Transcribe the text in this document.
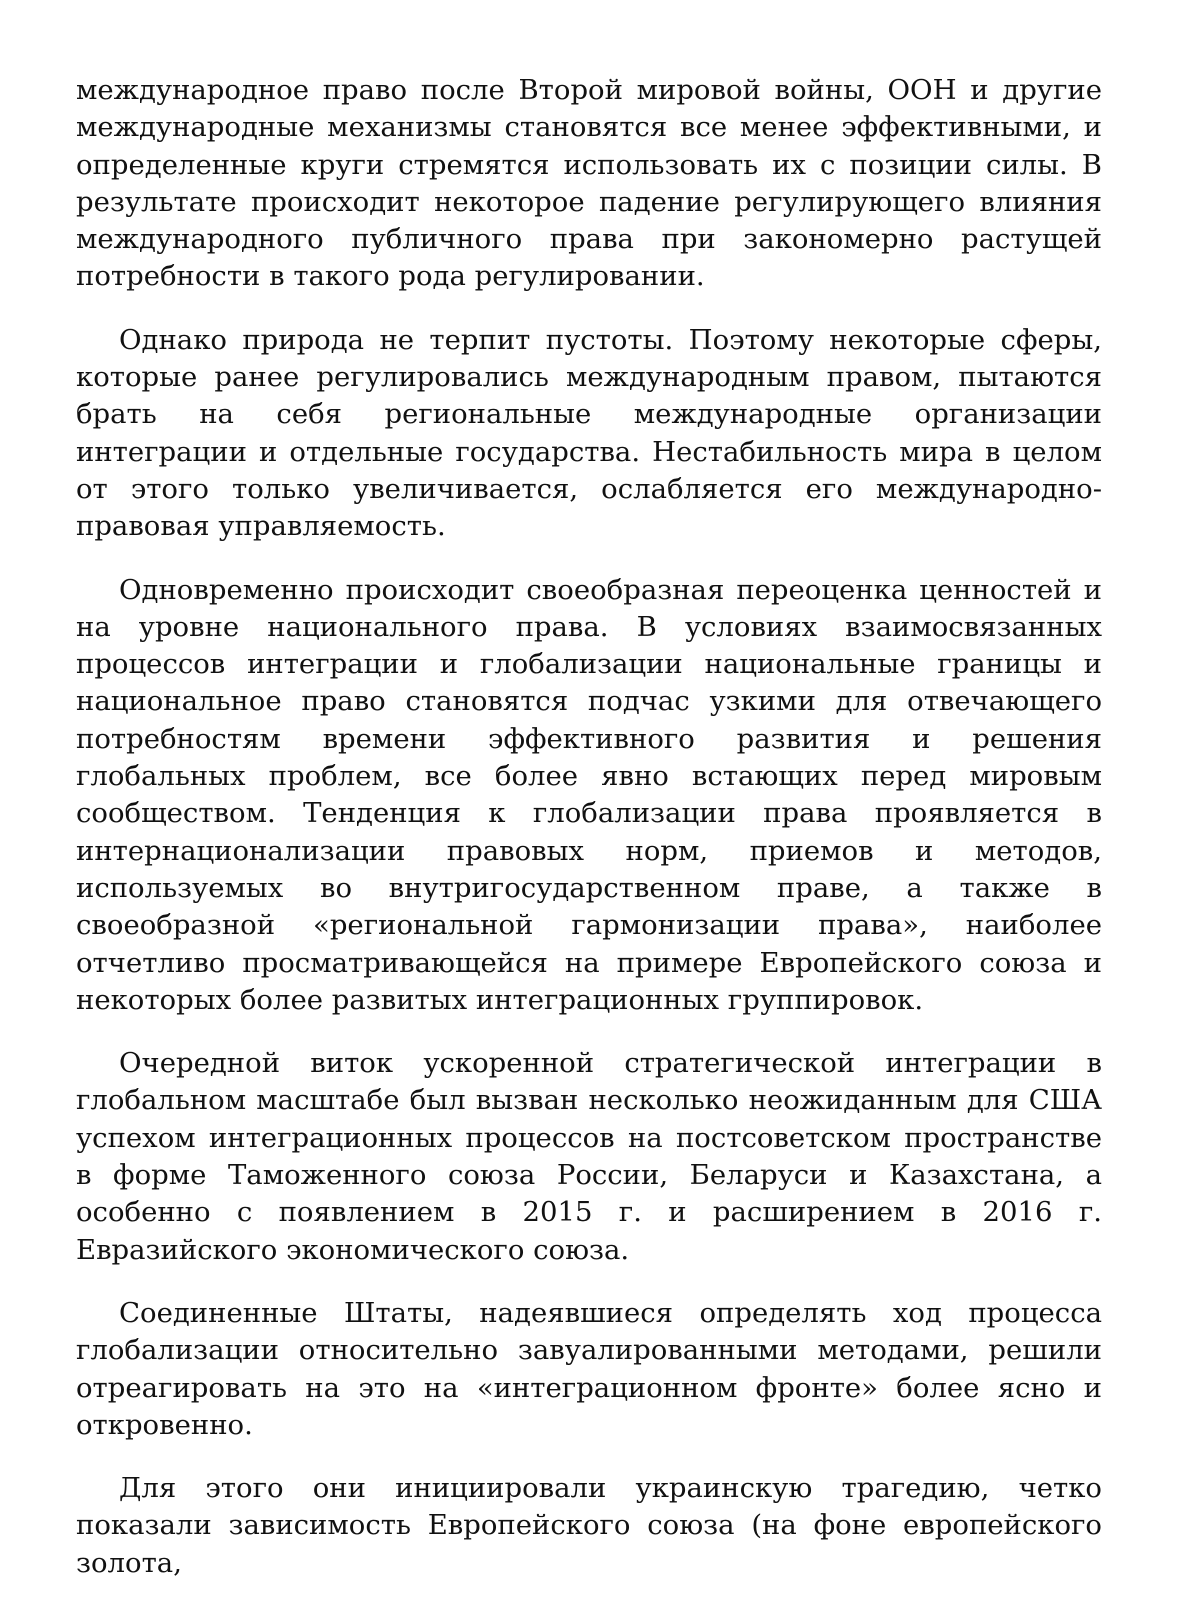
международное право после Второй мировой войны, ООН и другие международные механизмы становятся все менее эффективными, и определенные круги стремятся использовать их с позиции силы. В результате происходит некоторое падение регулирующего влияния международного публичного права при закономерно растущей потребности в такого рода регулировании.

Однако природа не терпит пустоты. Поэтому некоторые сферы, которые ранее регулировались международным правом, пытаются брать на себя региональные международные организации интеграции и отдельные государства. Нестабильность мира в целом от этого только увеличивается, ослабляется его международно-правовая управляемость.

Одновременно происходит своеобразная переоценка ценностей и на уровне национального права. В условиях взаимосвязанных процессов интеграции и глобализации национальные границы и национальное право становятся подчас узкими для отвечающего потребностям времени эффективного развития и решения глобальных проблем, все более явно встающих перед мировым сообществом. Тенденция к глобализации права проявляется в интернационализации правовых норм, приемов и методов, используемых во внутригосударственном праве, а также в своеобразной «региональной гармонизации права», наиболее отчетливо просматривающейся на примере Европейского союза и некоторых более развитых интеграционных группировок.

Очередной виток ускоренной стратегической интеграции в глобальном масштабе был вызван несколько неожиданным для США успехом интеграционных процессов на постсоветском пространстве в форме Таможенного союза России, Беларуси и Казахстана, а особенно с появлением в 2015 г. и расширением в 2016 г. Евразийского экономического союза.

Соединенные Штаты, надеявшиеся определять ход процесса глобализации относительно завуалированными методами, решили отреагировать на это на «интеграционном фронте» более ясно и откровенно.

Для этого они инициировали украинскую трагедию, четко показали зависимость Европейского союза (на фоне европейского золота,
